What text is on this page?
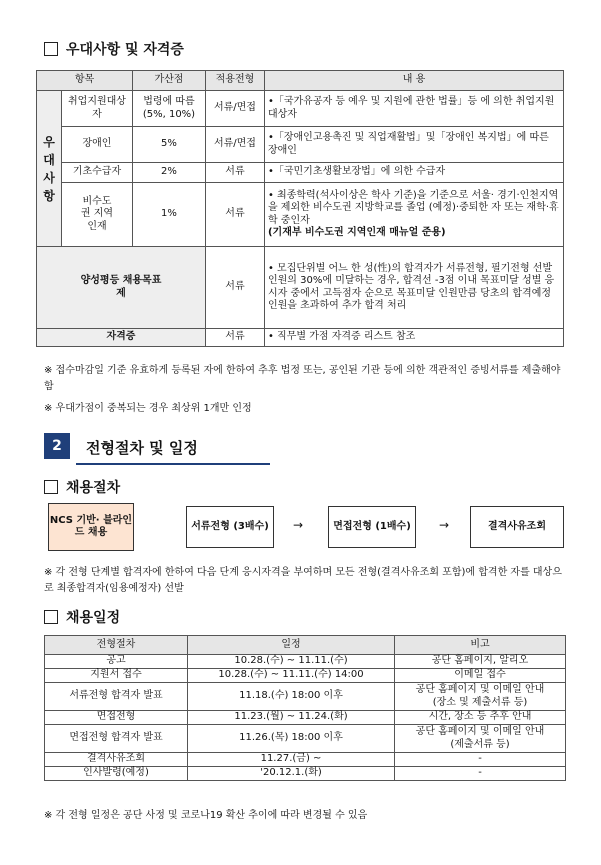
우대사항 및 자격증
항목		가산점	적용전형	내 용
우
대
사
항	취업지원대상자	법령에 따름 (5%, 10%)	서류/면접	•「국가유공자 등 예우 및 지원에 관한 법률」등 에 의한 취업지원대상자
	장애인	5%	서류/면접	•「장애인고용촉진 및 직업재활법」및「장애인 복지법」에 따른 장애인
	기초수급자	2%	서류	•「국민기초생활보장법」에 의한 수급자
	비수도권 지역인재	1%	서류	• 최종학력(석사이상은 학사 기준)을 기준으로 서울· 경기·인천지역을 제외한 비수도권 지방학교를 졸업 (예정)·중퇴한 자 또는 재학·휴학 중인자
(기재부 비수도권 지역인재 매뉴얼 준용)
양성평등 채용목표제			서류	• 모집단위별 어느 한 성(性)의 합격자가 서류전형, 필기전형 선발인원의 30%에 미달하는 경우, 합격선 -3점 이내 목표미달 성별 응시자 중에서 고득점자 순으로 목표미달 인원만큼 당초의 합격예정인원을 초과하여 추가 합격 처리
자격증			서류	• 직무별 가점 자격증 리스트 참조
※ 접수마감일 기준 유효하게 등록된 자에 한하여 추후 법정 또는, 공인된 기관 등에 의한 객관적인 증빙서류를 제출해야함
※ 우대가점이 중복되는 경우 최상위 1개만 인정
2	전형절차 및 일정
채용절차
NCS 기반· 블라인드 채용
서류전형 (3배수)	→	면접전형 (1배수)	→	결격사유조회
※ 각 전형 단계별 합격자에 한하여 다음 단계 응시자격을 부여하며 모든 전형(결격사유조회 포함)에 합격한 자를 대상으로 최종합격자(임용예정자) 선발
채용일정
전형절차	일정	비고
공고	10.28.(수) ~ 11.11.(수)	공단 홈페이지, 알리오
지원서 접수	10.28.(수) ~ 11.11.(수) 14:00	이메일 접수
서류전형 합격자 발표	11.18.(수) 18:00 이후	공단 홈페이지 및 이메일 안내 (장소 및 제출서류 등)
면접전형	11.23.(월) ~ 11.24.(화)	시간, 장소 등 추후 안내
면접전형 합격자 발표	11.26.(목) 18:00 이후	공단 홈페이지 및 이메일 안내 (제출서류 등)
결격사유조회	11.27.(금) ~	-
인사발령(예정)	'20.12.1.(화)	-
※ 각 전형 일정은 공단 사정 및 코로나19 확산 추이에 따라 변경될 수 있음
